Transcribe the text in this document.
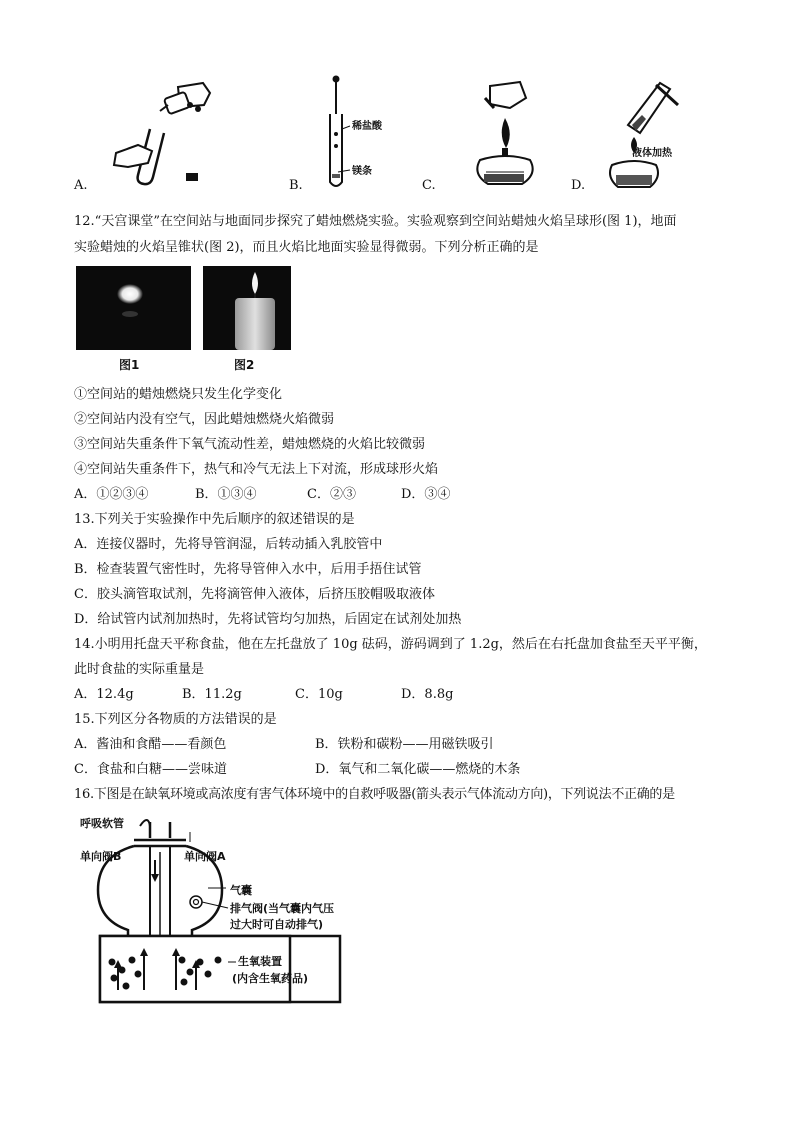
A.
稀盐酸
镁条
B.	C.
液体加热
D.
12.“天宫课堂”在空间站与地面同步探究了蜡烛燃烧实验。实验观察到空间站蜡烛火焰呈球形(图 1)，地面
实验蜡烛的火焰呈锥状(图 2)，而且火焰比地面实验显得微弱。下列分析正确的是
图1	图2
①空间站的蜡烛燃烧只发生化学变化
②空间站内没有空气，因此蜡烛燃烧火焰微弱
③空间站失重条件下氧气流动性差，蜡烛燃烧的火焰比较微弱
④空间站失重条件下，热气和冷气无法上下对流，形成球形火焰
A．①②③④	B．①③④	C．②③	D．③④
13.下列关于实验操作中先后顺序的叙述错误的是
A．连接仪器时，先将导管润湿，后转动插入乳胶管中
B．检查装置气密性时，先将导管伸入水中，后用手捂住试管
C．胶头滴管取试剂，先将滴管伸入液体，后挤压胶帽吸取液体
D．给试管内试剂加热时，先将试管均匀加热，后固定在试剂处加热
14.小明用托盘天平称食盐，他在左托盘放了 10g 砝码，游码调到了 1.2g，然后在右托盘加食盐至天平平衡，
此时食盐的实际重量是
A．12.4g	B．11.2g	C．10g	D．8.8g
15.下列区分各物质的方法错误的是
A．酱油和食醋——看颜色	B．铁粉和碳粉——用磁铁吸引
C．食盐和白糖——尝味道	D．氧气和二氧化碳——燃烧的木条
16.下图是在缺氧环境或高浓度有害气体环境中的自救呼吸器(箭头表示气体流动方向)，下列说法不正确的是
呼吸软管
单向阀B	单向阀A
气囊
排气阀(当气囊内气压
过大时可自动排气)
生氧装置
(内含生氧药品)
